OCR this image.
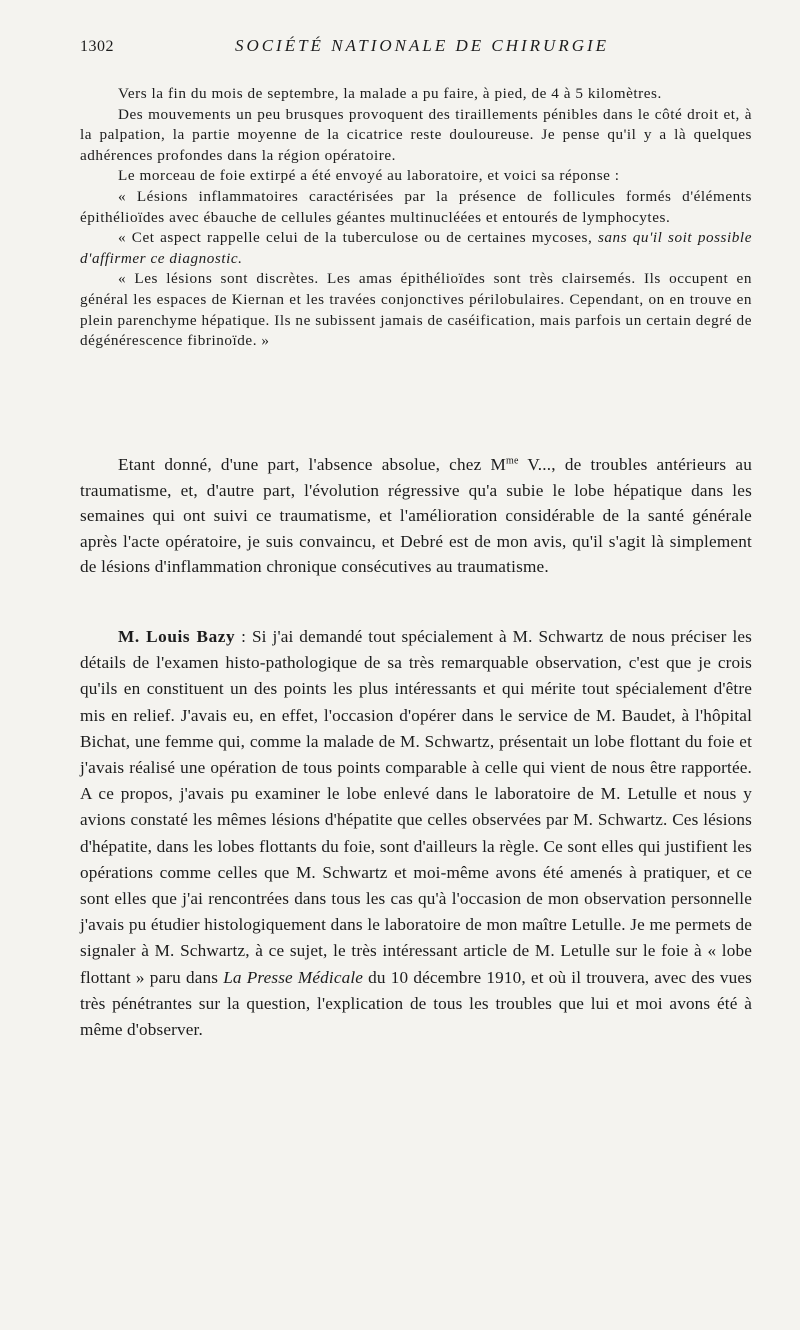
1302	SOCIÉTÉ NATIONALE DE CHIRURGIE

Vers la fin du mois de septembre, la malade a pu faire, à pied, de 4 à 5 kilomètres.

Des mouvements un peu brusques provoquent des tiraillements pénibles dans le côté droit et, à la palpation, la partie moyenne de la cicatrice reste douloureuse. Je pense qu'il y a là quelques adhérences profondes dans la région opératoire.

Le morceau de foie extirpé a été envoyé au laboratoire, et voici sa réponse :

« Lésions inflammatoires caractérisées par la présence de follicules formés d'éléments épithélioïdes avec ébauche de cellules géantes multinucléées et entourés de lymphocytes.

« Cet aspect rappelle celui de la tuberculose ou de certaines mycoses, sans qu'il soit possible d'affirmer ce diagnostic.

« Les lésions sont discrètes. Les amas épithélioïdes sont très clairsemés. Ils occupent en général les espaces de Kiernan et les travées conjonctives périlobulaires. Cependant, on en trouve en plein parenchyme hépatique. Ils ne subissent jamais de caséification, mais parfois un certain degré de dégénérescence fibrinoïde. »

Etant donné, d'une part, l'absence absolue, chez $M^{me}$ V..., de troubles antérieurs au traumatisme, et, d'autre part, l'évolution régressive qu'a subie le lobe hépatique dans les semaines qui ont suivi ce traumatisme, et l'amélioration considérable de la santé générale après l'acte opératoire, je suis convaincu, et Debré est de mon avis, qu'il s'agit là simplement de lésions d'inflammation chronique consécutives au traumatisme.

M. Louis Bazy : Si j'ai demandé tout spécialement à M. Schwartz de nous préciser les détails de l'examen histo-pathologique de sa très remarquable observation, c'est que je crois qu'ils en constituent un des points les plus intéressants et qui mérite tout spécialement d'être mis en relief. J'avais eu, en effet, l'occasion d'opérer dans le service de M. Baudet, à l'hôpital Bichat, une femme qui, comme la malade de M. Schwartz, présentait un lobe flottant du foie et j'avais réalisé une opération de tous points comparable à celle qui vient de nous être rapportée. A ce propos, j'avais pu examiner le lobe enlevé dans le laboratoire de M. Letulle et nous y avions constaté les mêmes lésions d'hépatite que celles observées par M. Schwartz. Ces lésions d'hépatite, dans les lobes flottants du foie, sont d'ailleurs la règle. Ce sont elles qui justifient les opérations comme celles que M. Schwartz et moi-même avons été amenés à pratiquer, et ce sont elles que j'ai rencontrées dans tous les cas qu'à l'occasion de mon observation personnelle j'avais pu étudier histologiquement dans le laboratoire de mon maître Letulle. Je me permets de signaler à M. Schwartz, à ce sujet, le très intéressant article de M. Letulle sur le foie à « lobe flottant » paru dans La Presse Médicale du 10 décembre 1910, et où il trouvera, avec des vues très pénétrantes sur la question, l'explication de tous les troubles que lui et moi avons été à même d'observer.
